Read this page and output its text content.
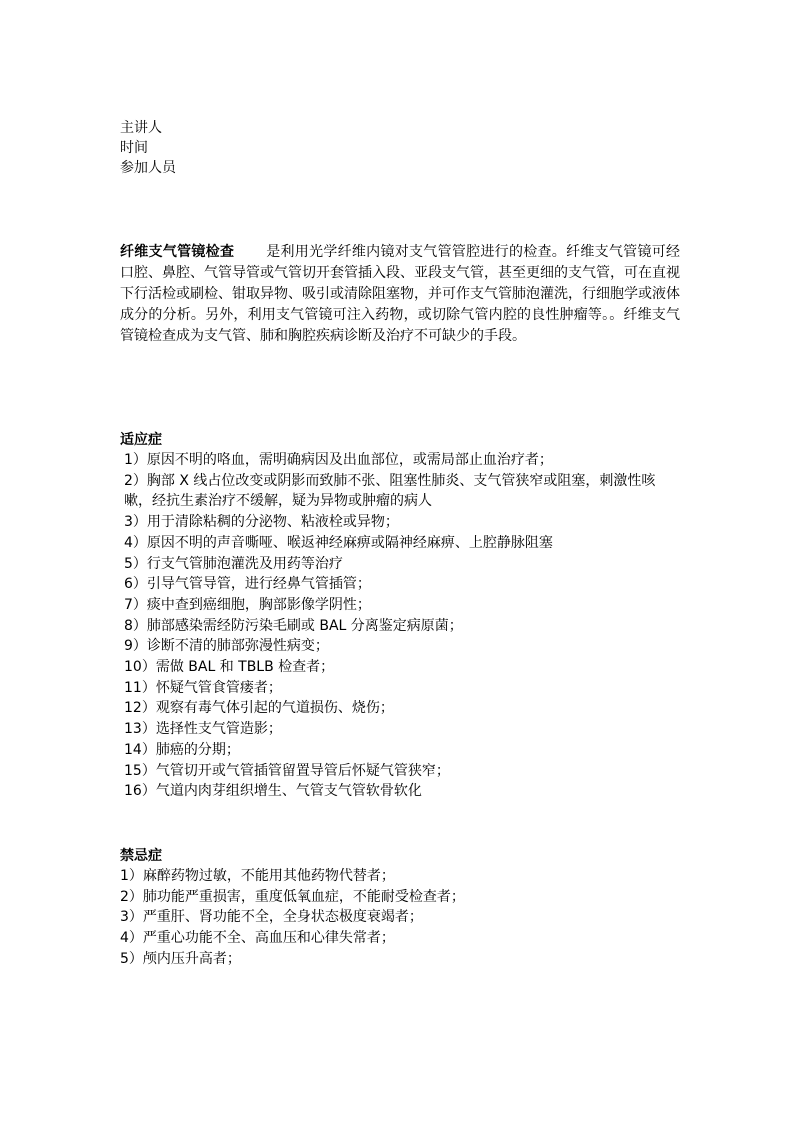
主讲人
时间
参加人员
纤维支气管镜检查 是利用光学纤维内镜对支气管管腔进行的检查。纤维支气管镜可经口腔、鼻腔、气管导管或气管切开套管插入段、亚段支气管，甚至更细的支气管，可在直视下行活检或刷检、钳取异物、吸引或清除阻塞物，并可作支气管肺泡灌洗，行细胞学或液体成分的分析。另外，利用支气管镜可注入药物，或切除气管内腔的良性肿瘤等。。纤维支气管镜检查成为支气管、肺和胸腔疾病诊断及治疗不可缺少的手段。
适应症
1）原因不明的咯血，需明确病因及出血部位，或需局部止血治疗者；
2）胸部 X 线占位改变或阴影而致肺不张、阻塞性肺炎、支气管狭窄或阻塞，刺激性咳嗽，经抗生素治疗不缓解，疑为异物或肿瘤的病人
3）用于清除粘稠的分泌物、粘液栓或异物；
4）原因不明的声音嘶哑、喉返神经麻痹或隔神经麻痹、上腔静脉阻塞
5）行支气管肺泡灌洗及用药等治疗
6）引导气管导管，进行经鼻气管插管；
7）痰中查到癌细胞，胸部影像学阴性；
8）肺部感染需经防污染毛刷或 BAL 分离鉴定病原菌；
9）诊断不清的肺部弥漫性病变；
10）需做 BAL 和 TBLB 检查者；
11）怀疑气管食管瘘者；
12）观察有毒气体引起的气道损伤、烧伤；
13）选择性支气管造影；
14）肺癌的分期；
15）气管切开或气管插管留置导管后怀疑气管狭窄；
16）气道内肉芽组织增生、气管支气管软骨软化
禁忌症
1）麻醉药物过敏，不能用其他药物代替者；
2）肺功能严重损害，重度低氧血症，不能耐受检查者；
3）严重肝、肾功能不全，全身状态极度衰竭者；
4）严重心功能不全、高血压和心律失常者；
5）颅内压升高者；
